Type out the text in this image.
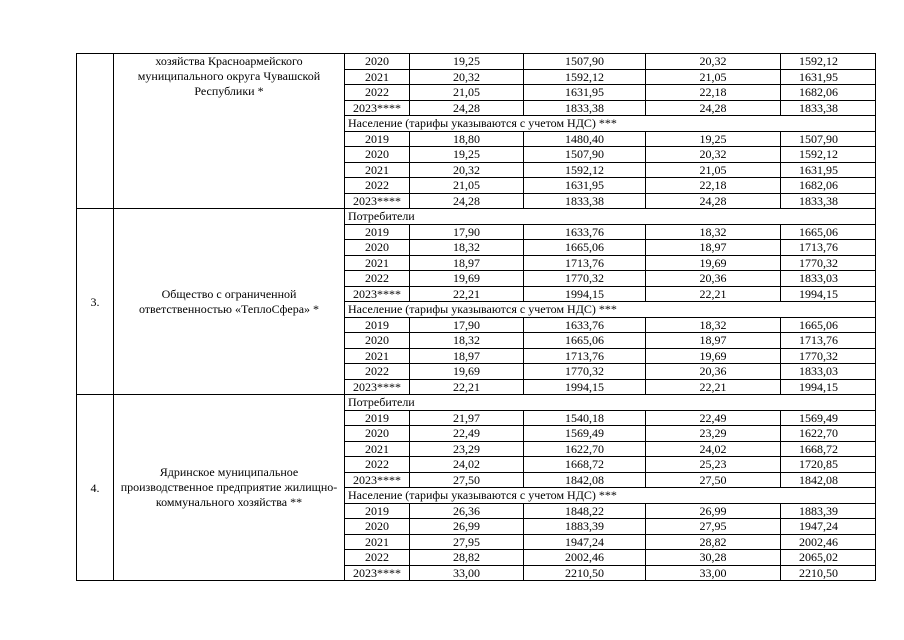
	хозяйства Красноармейского муниципального округа Чувашской Республики *	2020	19,25	1507,90	20,32	1592,12
		2021	20,32	1592,12	21,05	1631,95
		2022	21,05	1631,95	22,18	1682,06
		2023****	24,28	1833,38	24,28	1833,38
		Население (тарифы указываются с учетом НДС) ***				
		2019	18,80	1480,40	19,25	1507,90
		2020	19,25	1507,90	20,32	1592,12
		2021	20,32	1592,12	21,05	1631,95
		2022	21,05	1631,95	22,18	1682,06
		2023****	24,28	1833,38	24,28	1833,38
3.	Общество с ограниченной ответственностью «ТеплоСфера» *	Потребители				
		2019	17,90	1633,76	18,32	1665,06
		2020	18,32	1665,06	18,97	1713,76
		2021	18,97	1713,76	19,69	1770,32
		2022	19,69	1770,32	20,36	1833,03
		2023****	22,21	1994,15	22,21	1994,15
		Население (тарифы указываются с учетом НДС) ***				
		2019	17,90	1633,76	18,32	1665,06
		2020	18,32	1665,06	18,97	1713,76
		2021	18,97	1713,76	19,69	1770,32
		2022	19,69	1770,32	20,36	1833,03
		2023****	22,21	1994,15	22,21	1994,15
4.	Ядринское муниципальное производственное предприятие жилищно-коммунального хозяйства **	Потребители				
		2019	21,97	1540,18	22,49	1569,49
		2020	22,49	1569,49	23,29	1622,70
		2021	23,29	1622,70	24,02	1668,72
		2022	24,02	1668,72	25,23	1720,85
		2023****	27,50	1842,08	27,50	1842,08
		Население (тарифы указываются с учетом НДС) ***				
		2019	26,36	1848,22	26,99	1883,39
		2020	26,99	1883,39	27,95	1947,24
		2021	27,95	1947,24	28,82	2002,46
		2022	28,82	2002,46	30,28	2065,02
		2023****	33,00	2210,50	33,00	2210,50
